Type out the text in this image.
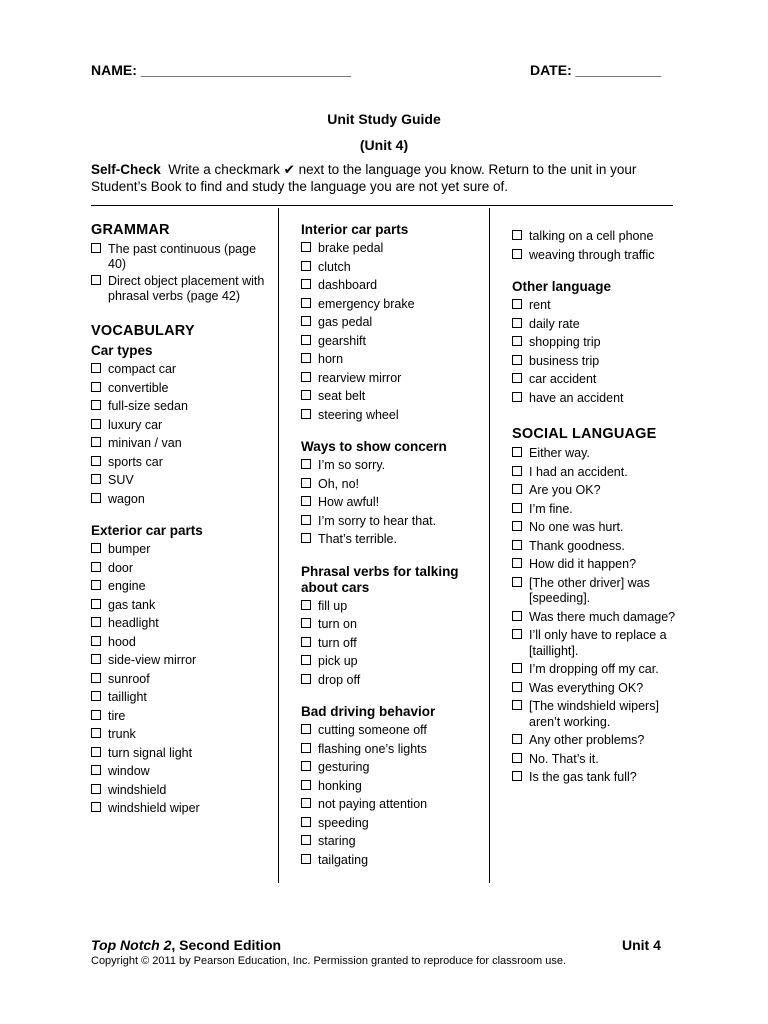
NAME: ___________________________	DATE: ___________
Unit Study Guide
(Unit 4)
Self-Check Write a checkmark ✔ next to the language you know. Return to the unit in your Student’s Book to find and study the language you are not yet sure of.
GRAMMAR
The past continuous (page 40)
Direct object placement with phrasal verbs (page 42)
VOCABULARY
Car types
compact car
convertible
full-size sedan
luxury car
minivan / van
sports car
SUV
wagon
Exterior car parts
bumper
door
engine
gas tank
headlight
hood
side-view mirror
sunroof
taillight
tire
trunk
turn signal light
window
windshield
windshield wiper
Interior car parts
brake pedal
clutch
dashboard
emergency brake
gas pedal
gearshift
horn
rearview mirror
seat belt
steering wheel
Ways to show concern
I’m so sorry.
Oh, no!
How awful!
I’m sorry to hear that.
That’s terrible.
Phrasal verbs for talking about cars
fill up
turn on
turn off
pick up
drop off
Bad driving behavior
cutting someone off
flashing one’s lights
gesturing
honking
not paying attention
speeding
staring
tailgating
talking on a cell phone
weaving through traffic
Other language
rent
daily rate
shopping trip
business trip
car accident
have an accident
SOCIAL LANGUAGE
Either way.
I had an accident.
Are you OK?
I’m fine.
No one was hurt.
Thank goodness.
How did it happen?
[The other driver] was [speeding].
Was there much damage?
I’ll only have to replace a [taillight].
I’m dropping off my car.
Was everything OK?
[The windshield wipers] aren’t working.
Any other problems?
No. That’s it.
Is the gas tank full?
Top Notch 2, Second Edition	Unit 4
Copyright © 2011 by Pearson Education, Inc. Permission granted to reproduce for classroom use.
